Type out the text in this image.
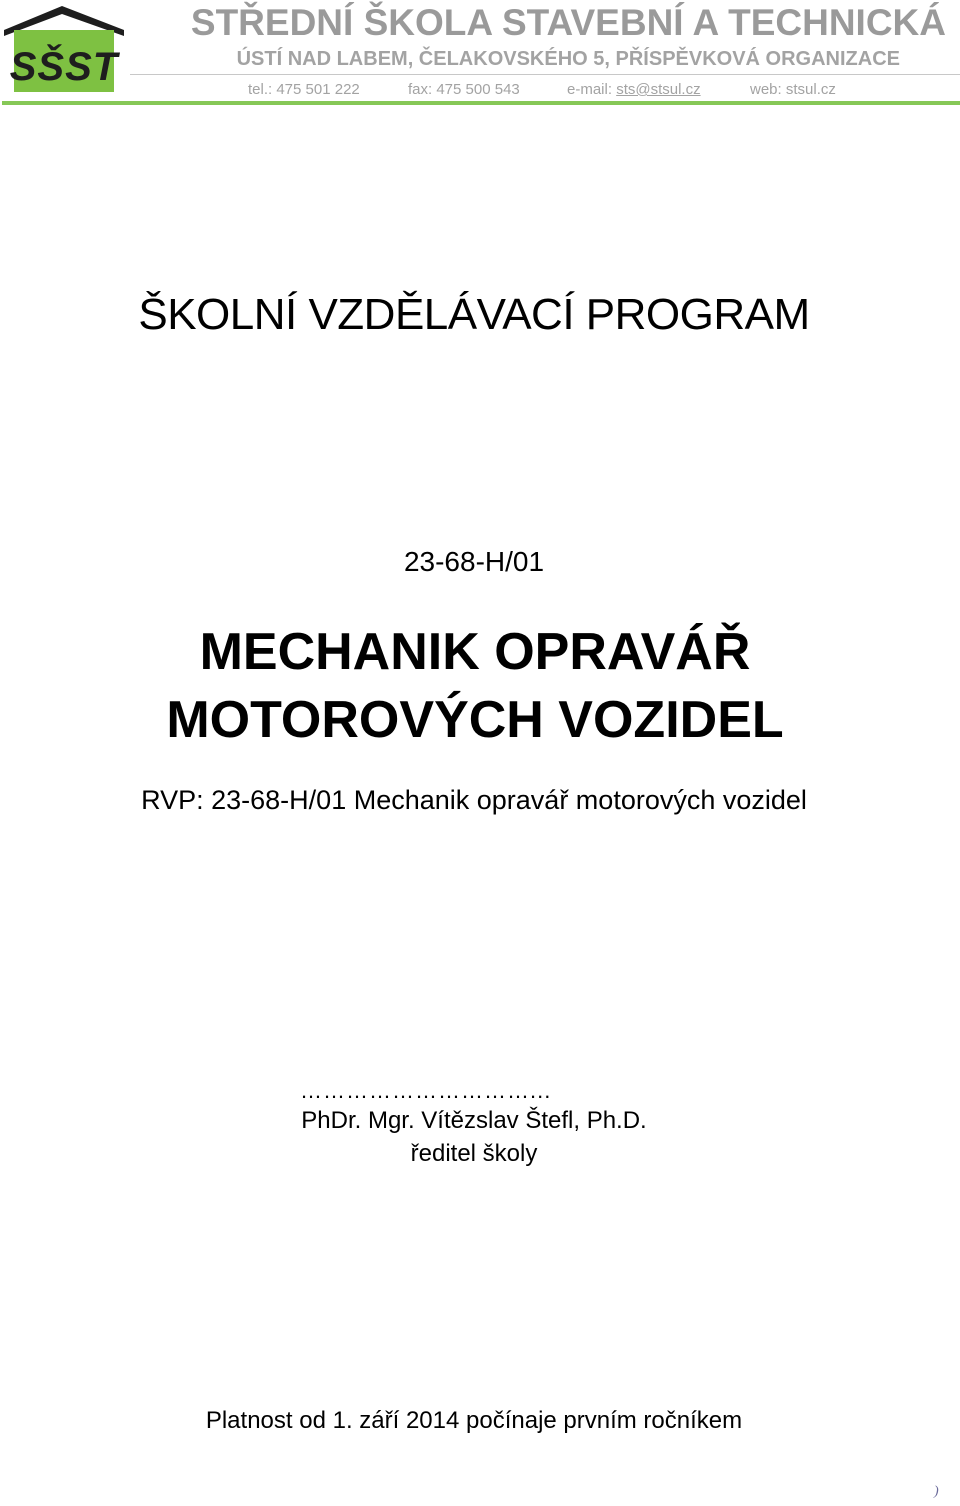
SŠST
STŘEDNÍ ŠKOLA STAVEBNÍ A TECHNICKÁ
ÚSTÍ NAD LABEM, ČELAKOVSKÉHO 5, PŘÍSPĚVKOVÁ ORGANIZACE
tel.: 475 501 222	fax: 475 500 543	e-mail: sts@stsul.cz	web: stsul.cz
ŠKOLNÍ VZDĚLÁVACÍ PROGRAM
23-68-H/01
MECHANIK OPRAVÁŘ MOTOROVÝCH VOZIDEL
RVP: 23-68-H/01 Mechanik opravář motorových vozidel
…………………………...
PhDr. Mgr. Vítězslav Štefl, Ph.D.
ředitel školy
Platnost od 1. září 2014 počínaje prvním ročníkem
)
